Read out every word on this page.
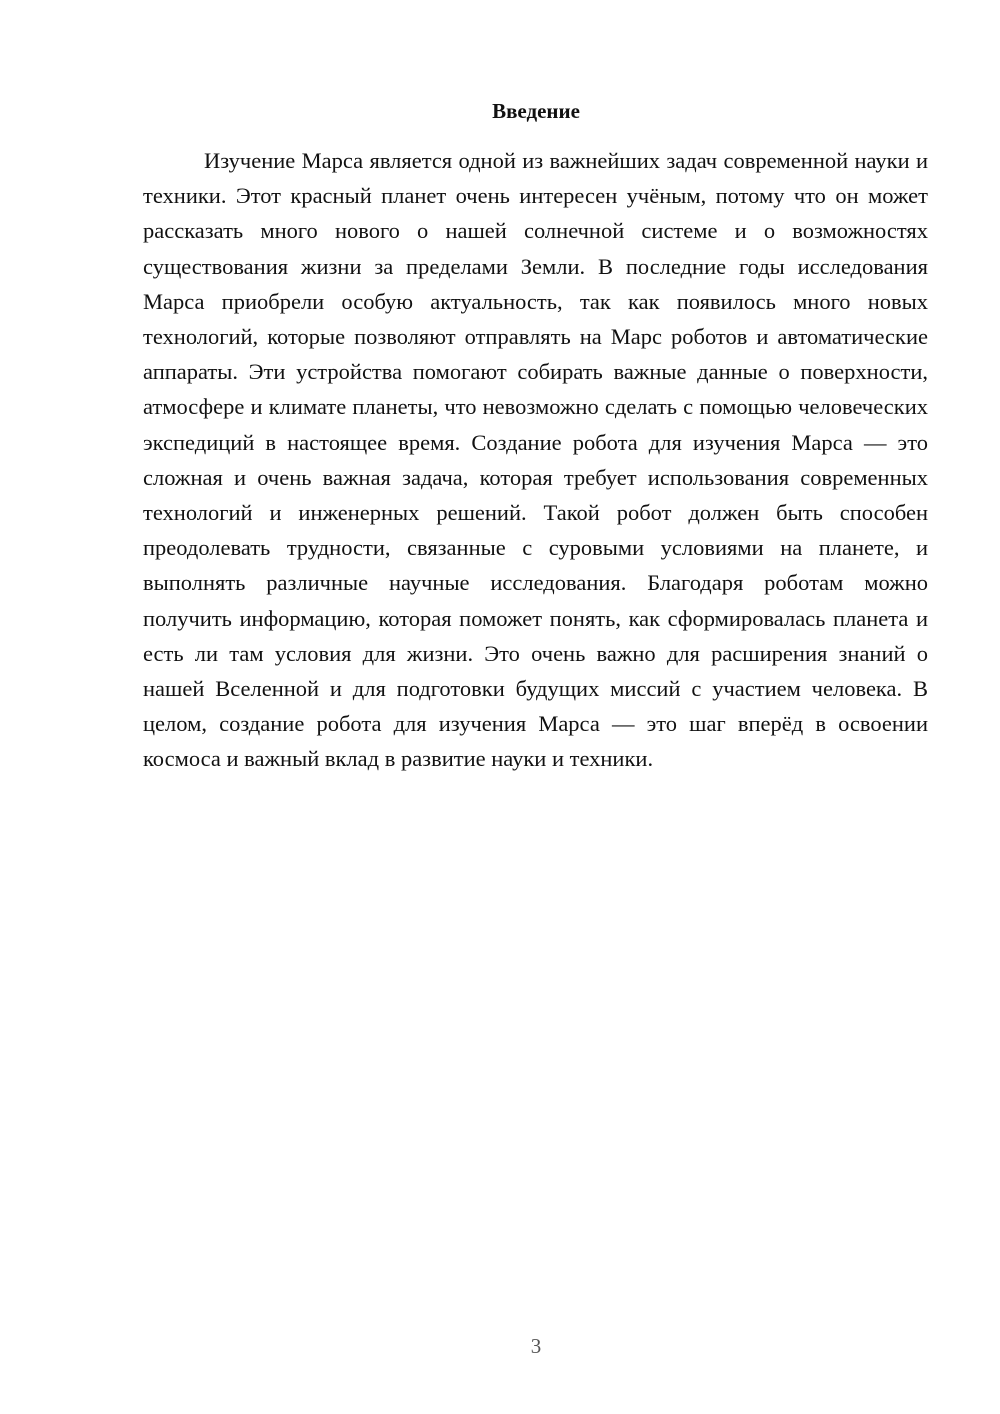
Введение

Изучение Марса является одной из важнейших задач современной науки и техники. Этот красный планет очень интересен учёным, потому что он может рассказать много нового о нашей солнечной системе и о возможностях существования жизни за пределами Земли. В последние годы исследования Марса приобрели особую актуальность, так как появилось много новых технологий, которые позволяют отправлять на Марс роботов и автоматические аппараты. Эти устройства помогают собирать важные данные о поверхности, атмосфере и климате планеты, что невозможно сделать с помощью человеческих экспедиций в настоящее время. Создание робота для изучения Марса — это сложная и очень важная задача, которая требует использования современных технологий и инженерных решений. Такой робот должен быть способен преодолевать трудности, связанные с суровыми условиями на планете, и выполнять различные научные исследования. Благодаря роботам можно получить информацию, которая поможет понять, как сформировалась планета и есть ли там условия для жизни. Это очень важно для расширения знаний о нашей Вселенной и для подготовки будущих миссий с участием человека. В целом, создание робота для изучения Марса — это шаг вперёд в освоении космоса и важный вклад в развитие науки и техники.

3
